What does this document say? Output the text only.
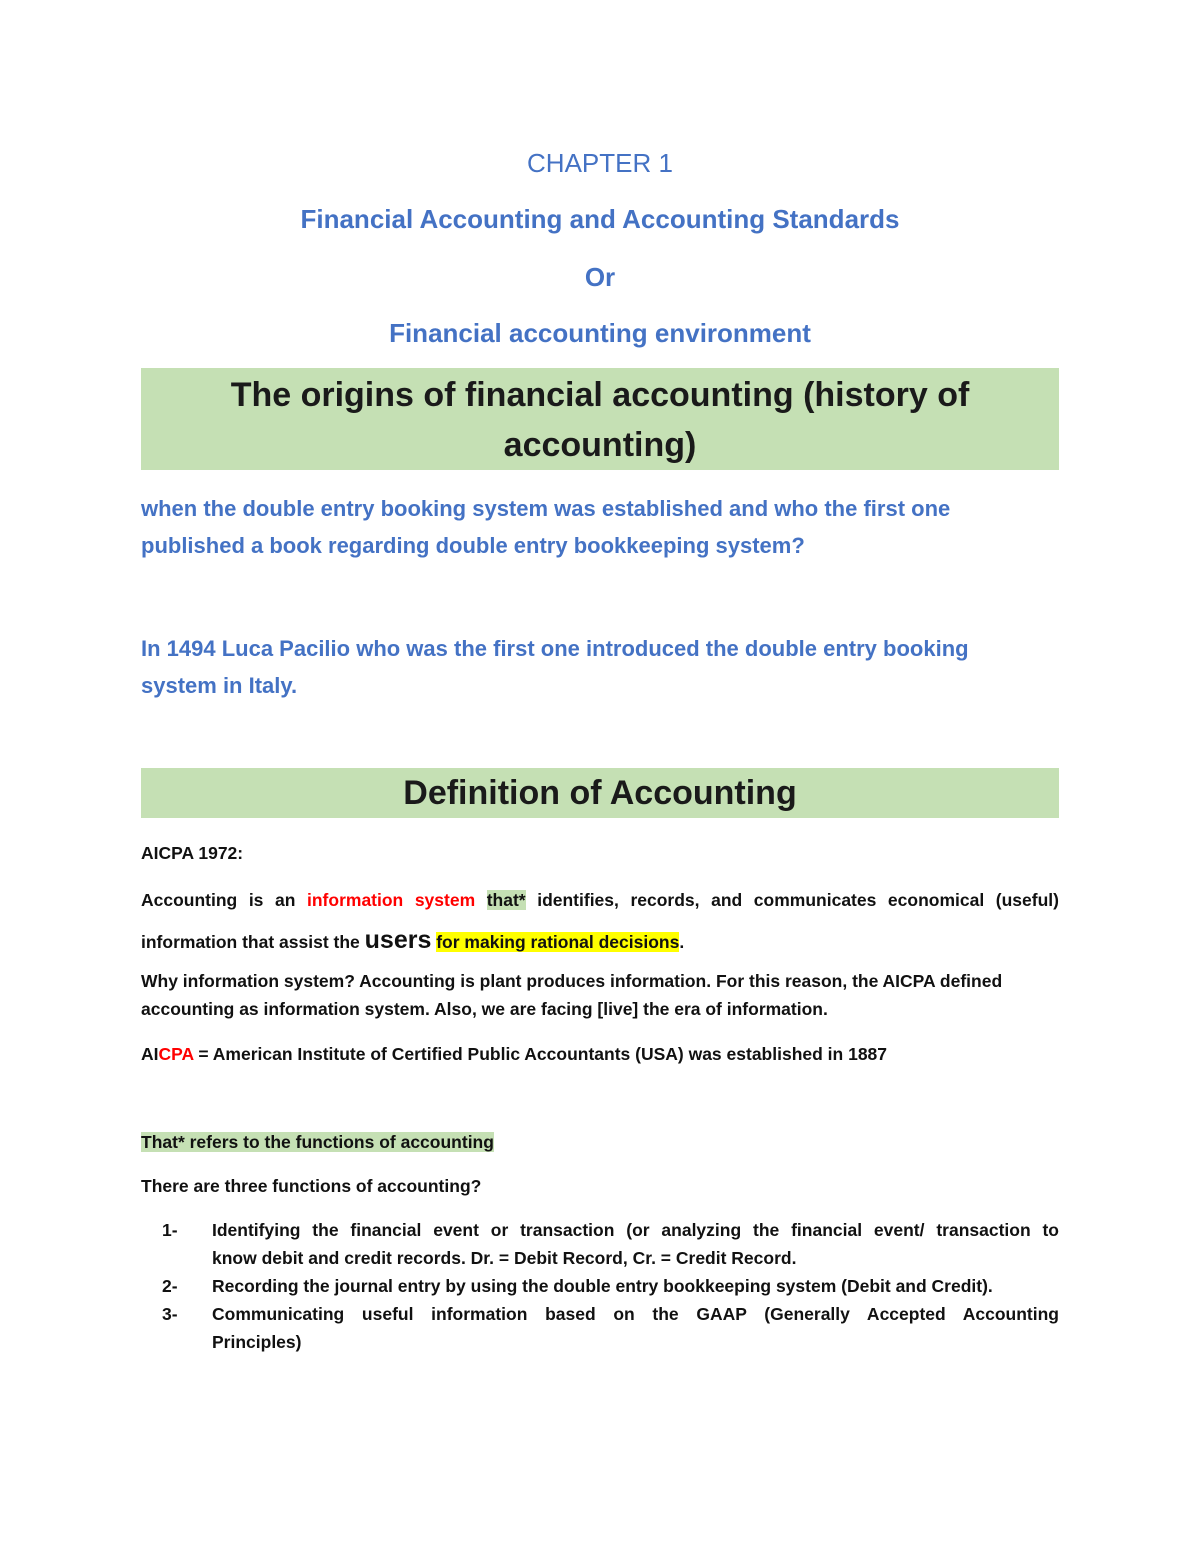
CHAPTER 1
Financial Accounting and Accounting Standards
Or
Financial accounting environment
The origins of financial accounting (history of
accounting)
when the double entry booking system was established and who the first one
published a book regarding double entry bookkeeping system?
In 1494 Luca Pacilio who was the first one introduced the double entry booking
system in Italy.
Definition of Accounting
AICPA 1972:
Accounting is an information system that* identifies, records, and communicates economical (useful)
information that assist the users for making rational decisions.
Why information system? Accounting is plant produces information. For this reason, the AICPA defined
accounting as information system. Also, we are facing [live] the era of information.
AICPA = American Institute of Certified Public Accountants (USA) was established in 1887
That* refers to the functions of accounting
There are three functions of accounting?
1- Identifying the financial event or transaction (or analyzing the financial event/ transaction to
know debit and credit records. Dr. = Debit Record, Cr. = Credit Record.
2- Recording the journal entry by using the double entry bookkeeping system (Debit and Credit).
3- Communicating useful information based on the GAAP (Generally Accepted Accounting
Principles)
